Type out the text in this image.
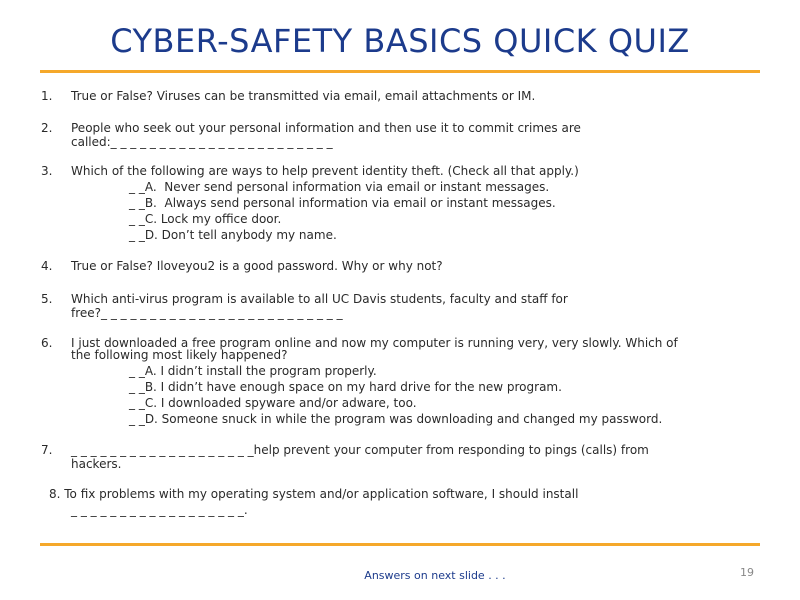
CYBER-SAFETY BASICS QUICK QUIZ
1. True or False? Viruses can be transmitted via email, email attachments or IM.
2. People who seek out your personal information and then use it to commit crimes are
called:_ _ _ _ _ _ _ _ _ _ _ _ _ _ _ _ _ _ _ _ _ _ _
3. Which of the following are ways to help prevent identity theft. (Check all that apply.)
_ _A.  Never send personal information via email or instant messages.
_ _B.  Always send personal information via email or instant messages.
_ _C. Lock my office door.
_ _D. Don’t tell anybody my name.
4. True or False? Iloveyou2 is a good password. Why or why not?
5. Which anti-virus program is available to all UC Davis students, faculty and staff for
free?_ _ _ _ _ _ _ _ _ _ _ _ _ _ _ _ _ _ _ _ _ _ _ _ _
6. I just downloaded a free program online and now my computer is running very, very slowly. Which of
the following most likely happened?
_ _A. I didn’t install the program properly.
_ _B. I didn’t have enough space on my hard drive for the new program.
_ _C. I downloaded spyware and/or adware, too.
_ _D. Someone snuck in while the program was downloading and changed my password.
7. _ _ _ _ _ _ _ _ _ _ _ _ _ _ _ _ _ _ _help prevent your computer from responding to pings (calls) from
hackers.
8. To fix problems with my operating system and/or application software, I should install
_ _ _ _ _ _ _ _ _ _ _ _ _ _ _ _ _ _.
Answers on next slide . . .	19
